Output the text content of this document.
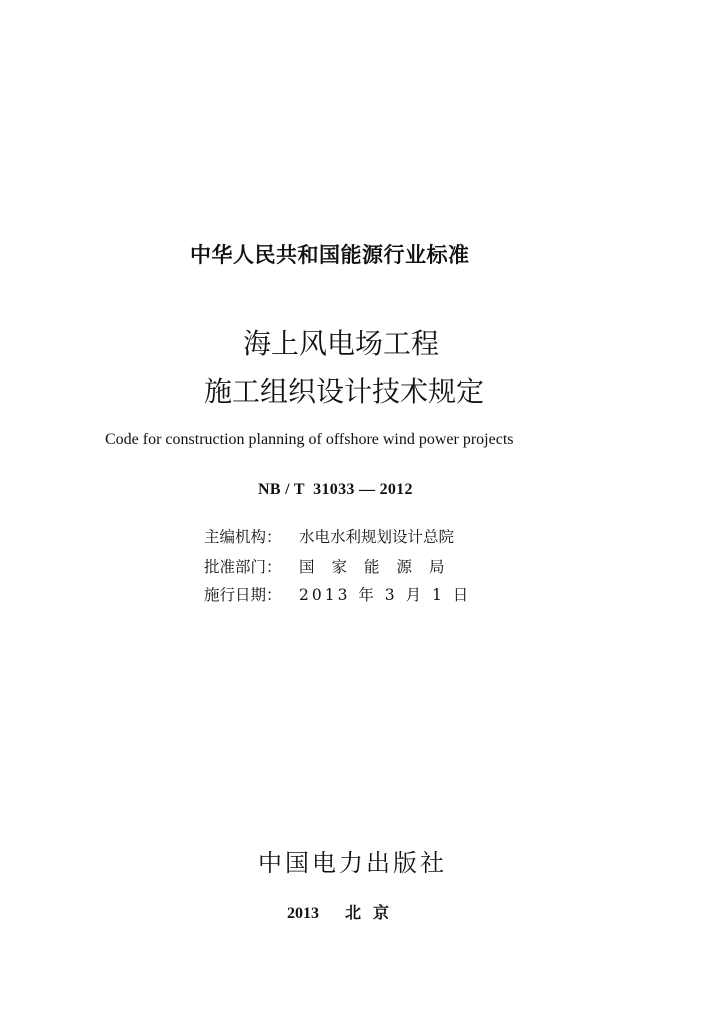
中华人民共和国能源行业标准
海上风电场工程
施工组织设计技术规定
Code for construction planning of offshore wind power projects
NB / T  31033 — 2012
主编机构：	水电水利规划设计总院
批准部门：	国家能源局
施行日期：	2013 年 3 月 1 日
中国电力出版社
2013 北京
